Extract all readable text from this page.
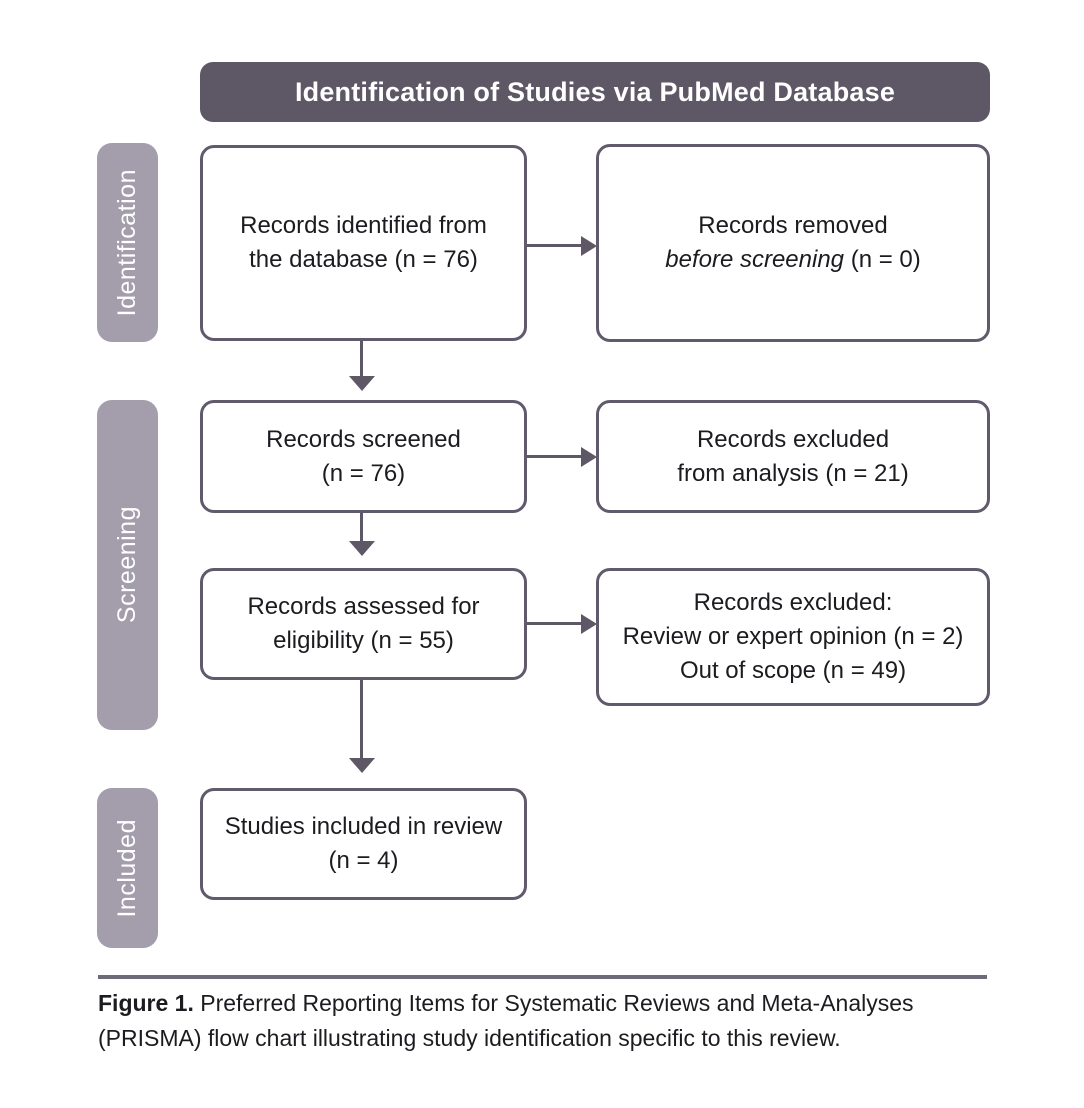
Identification of Studies via PubMed Database
Identification
Screening
Included
Records identified from
the database (n = 76)
Records removed
before screening (n = 0)
Records screened
(n = 76)
Records excluded
from analysis (n = 21)
Records assessed for
eligibility (n = 55)
Records excluded:
Review or expert opinion (n = 2)
Out of scope (n = 49)
Studies included in review
(n = 4)
Figure 1. Preferred Reporting Items for Systematic Reviews and Meta-Analyses (PRISMA) flow chart illustrating study identification specific to this review.
